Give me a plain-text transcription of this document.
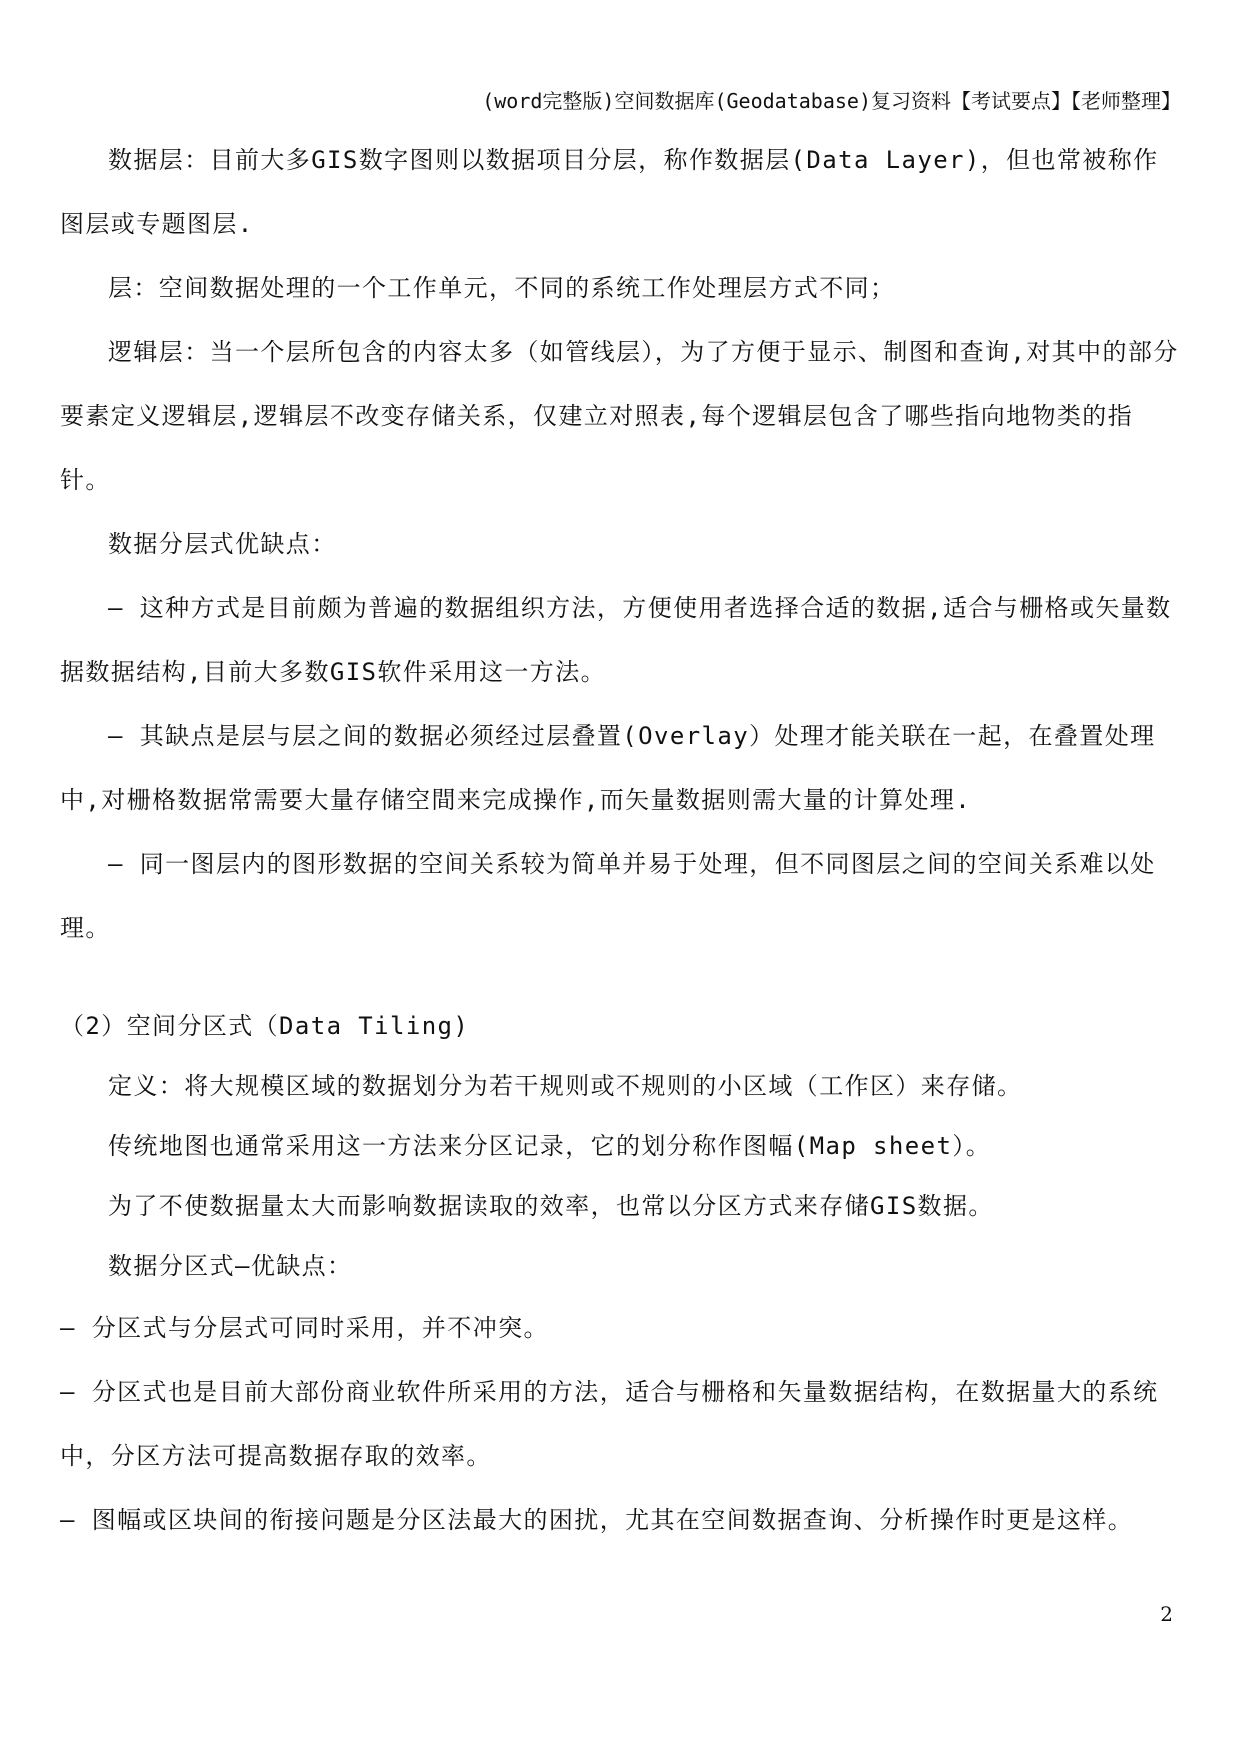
(word完整版)空间数据库(Geodatabase)复习资料【考试要点】【老师整理】

数据层：目前大多GIS数字图则以数据项目分层，称作数据层(Data Layer)，但也常被称作图层或专题图层.

层：空间数据处理的一个工作单元，不同的系统工作处理层方式不同；

逻辑层：当一个层所包含的内容太多（如管线层），为了方便于显示、制图和查询,对其中的部分要素定义逻辑层,逻辑层不改变存储关系，仅建立对照表,每个逻辑层包含了哪些指向地物类的指针。

数据分层式优缺点：

– 这种方式是目前颇为普遍的数据组织方法，方便使用者选择合适的数据,适合与栅格或矢量数据数据结构,目前大多数GIS软件采用这一方法。

– 其缺点是层与层之间的数据必须经过层叠置(Overlay）处理才能关联在一起，在叠置处理中,对栅格数据常需要大量存储空間来完成操作,而矢量数据则需大量的计算处理.

– 同一图层内的图形数据的空间关系较为简单并易于处理，但不同图层之间的空间关系难以处理。

（2）空间分区式（Data Tiling)

定义：将大规模区域的数据划分为若干规则或不规则的小区域（工作区）来存储。

传统地图也通常采用这一方法来分区记录，它的划分称作图幅(Map sheet）。

为了不使数据量太大而影响数据读取的效率，也常以分区方式来存储GIS数据。

数据分区式—优缺点：

– 分区式与分层式可同时采用，并不冲突。

– 分区式也是目前大部份商业软件所采用的方法，适合与栅格和矢量数据结构，在数据量大的系统中，分区方法可提高数据存取的效率。

– 图幅或区块间的衔接问题是分区法最大的困扰，尤其在空间数据查询、分析操作时更是这样。

2
